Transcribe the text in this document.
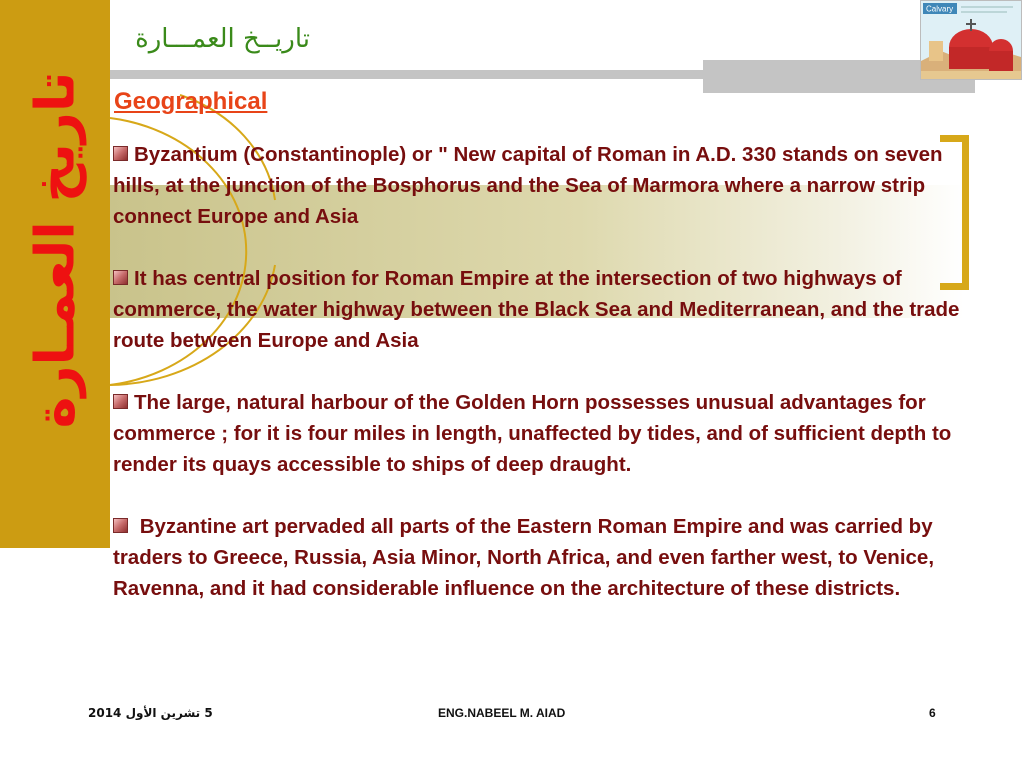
تاريخ العمـارة
تاريــخ العمـــارة
Calvary
Geographical

Byzantium (Constantinople) or " New capital of Roman in A.D. 330 stands on seven hills, at the junction of the Bosphorus and the Sea of Marmora where a narrow strip connect Europe and Asia

It has central position for Roman Empire at the intersection of two highways of commerce, the water highway between the Black Sea and Mediterranean, and the trade route between Europe and Asia

The large, natural harbour of the Golden Horn possesses unusual advantages for commerce ; for it is four miles in length, unaffected by tides, and of sufficient depth to render its quays accessible to ships of deep draught.

Byzantine art pervaded all parts of the Eastern Roman Empire and was carried by traders to Greece, Russia, Asia Minor, North Africa, and even farther west, to Venice, Ravenna, and it had considerable influence on the architecture of these districts.

5 تشرين الأول 2014	ENG.NABEEL M. AIAD	6
